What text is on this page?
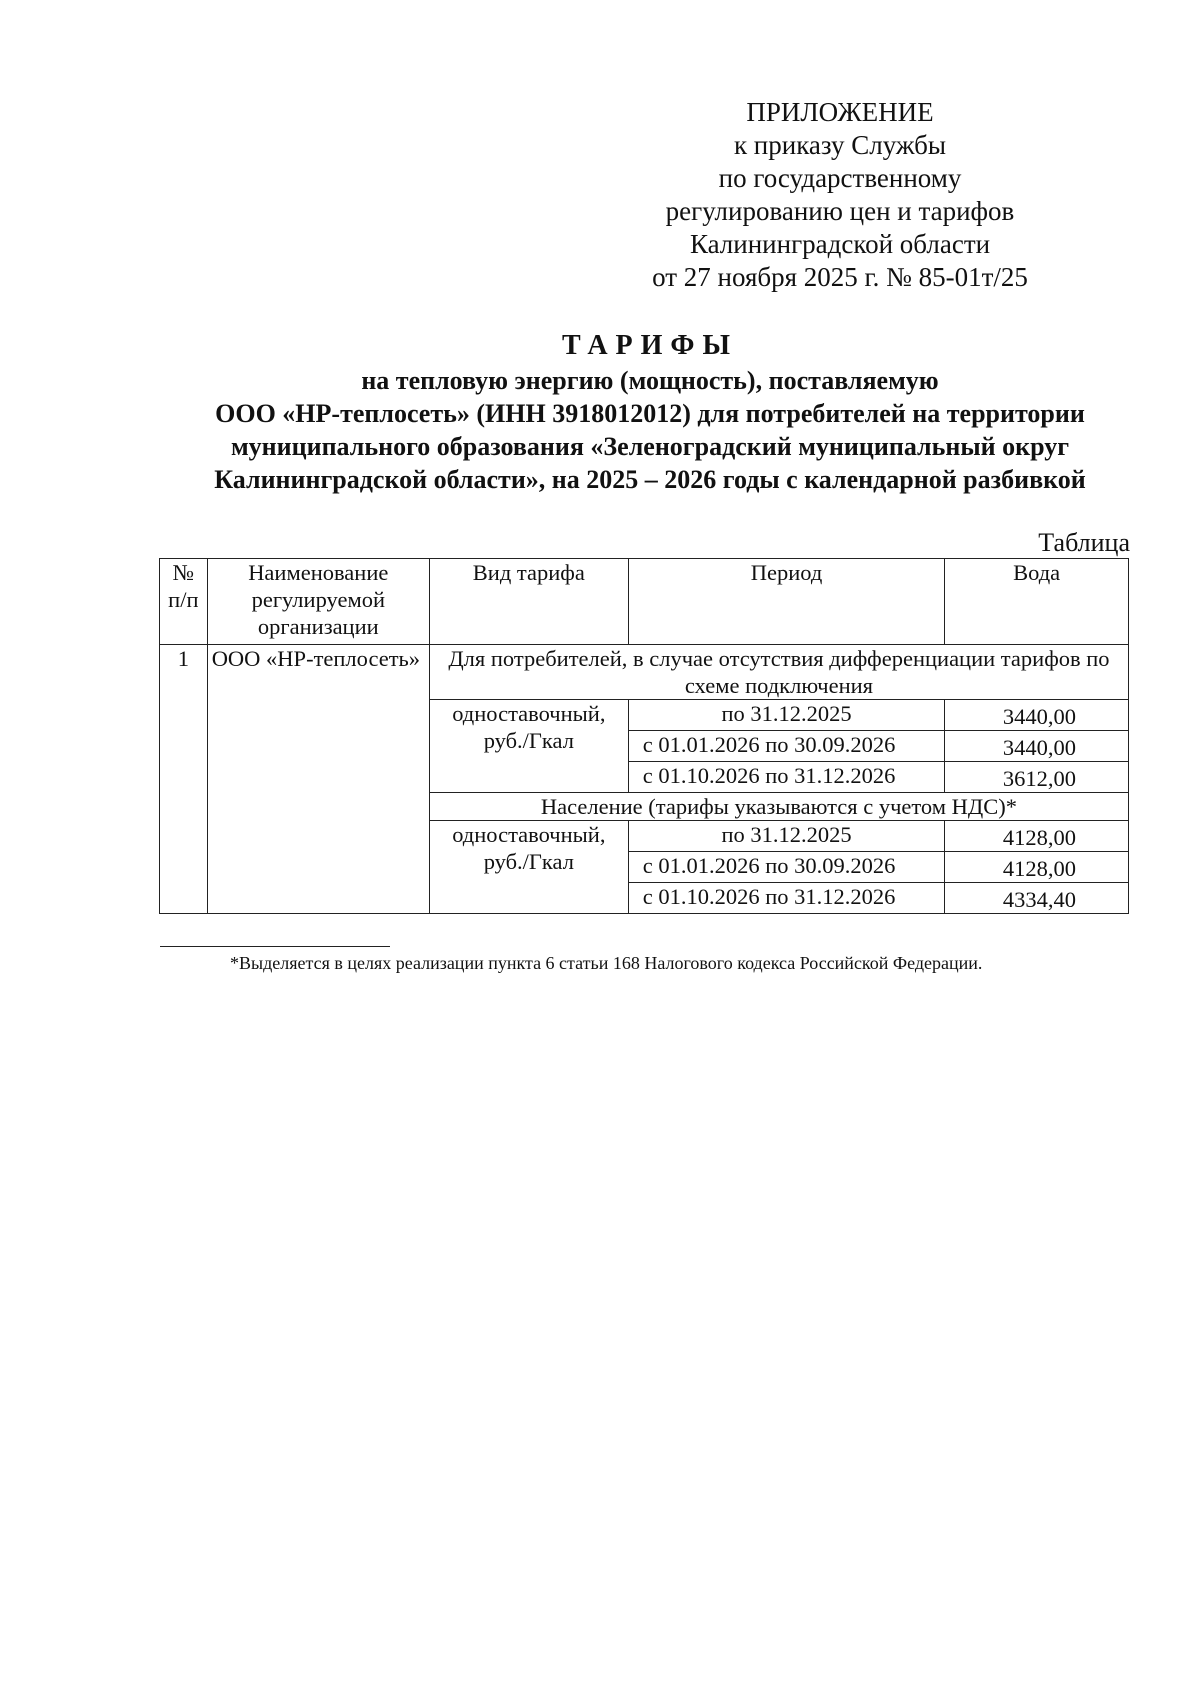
ПРИЛОЖЕНИЕ
к приказу Службы
по государственному
регулированию цен и тарифов
Калининградской области
от 27 ноября 2025 г. № 85-01т/25
ТАРИФЫ
на тепловую энергию (мощность), поставляемую
ООО «НР-теплосеть» (ИНН 3918012012) для потребителей на территории
муниципального образования «Зеленоградский муниципальный округ
Калининградской области», на 2025 – 2026 годы с календарной разбивкой
Таблица
№ п/п	Наименование регулируемой организации	Вид тарифа	Период	Вода
1	ООО «НР-теплосеть»	Для потребителей, в случае отсутствия дифференциации тарифов по схеме подключения		
		одноставочный, руб./Гкал	по 31.12.2025	3440,00
			с 01.01.2026 по 30.09.2026	3440,00
			с 01.10.2026 по 31.12.2026	3612,00
		Население (тарифы указываются с учетом НДС)*		
		одноставочный, руб./Гкал	по 31.12.2025	4128,00
			с 01.01.2026 по 30.09.2026	4128,00
			с 01.10.2026 по 31.12.2026	4334,40
*Выделяется в целях реализации пункта 6 статьи 168 Налогового кодекса Российской Федерации.
